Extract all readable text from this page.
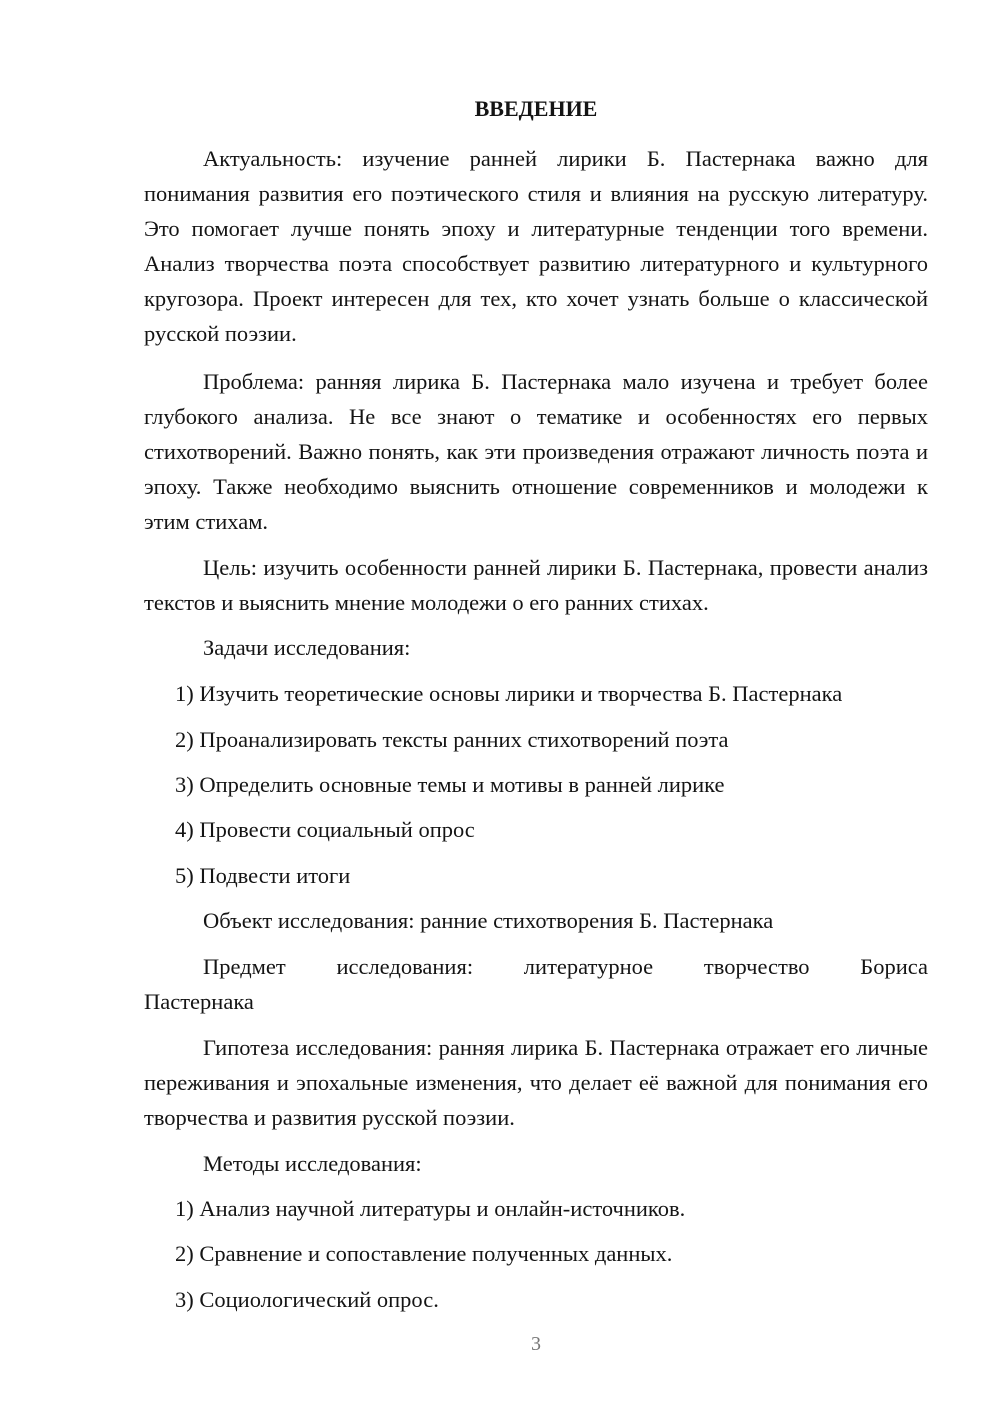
ВВЕДЕНИЕ

Актуальность: изучение ранней лирики Б. Пастернака важно для понимания развития его поэтического стиля и влияния на русскую литературу. Это помогает лучше понять эпоху и литературные тенденции того времени. Анализ творчества поэта способствует развитию литературного и культурного кругозора. Проект интересен для тех, кто хочет узнать больше о классической русской поэзии.

Проблема: ранняя лирика Б. Пастернака мало изучена и требует более глубокого анализа. Не все знают о тематике и особенностях его первых стихотворений. Важно понять, как эти произведения отражают личность поэта и эпоху. Также необходимо выяснить отношение современников и молодежи к этим стихам.

Цель: изучить особенности ранней лирики Б. Пастернака, провести анализ текстов и выяснить мнение молодежи о его ранних стихах.

Задачи исследования:

1) Изучить теоретические основы лирики и творчества Б. Пастернака

2) Проанализировать тексты ранних стихотворений поэта

3) Определить основные темы и мотивы в ранней лирике

4) Провести социальный опрос

5) Подвести итоги

Объект исследования: ранние стихотворения Б. Пастернака

Предмет исследования: литературное творчество Бориса

Пастернака

Гипотеза исследования: ранняя лирика Б. Пастернака отражает его личные переживания и эпохальные изменения, что делает её важной для понимания его творчества и развития русской поэзии.

Методы исследования:

1) Анализ научной литературы и онлайн-источников.

2) Сравнение и сопоставление полученных данных.

3) Социологический опрос.

3
